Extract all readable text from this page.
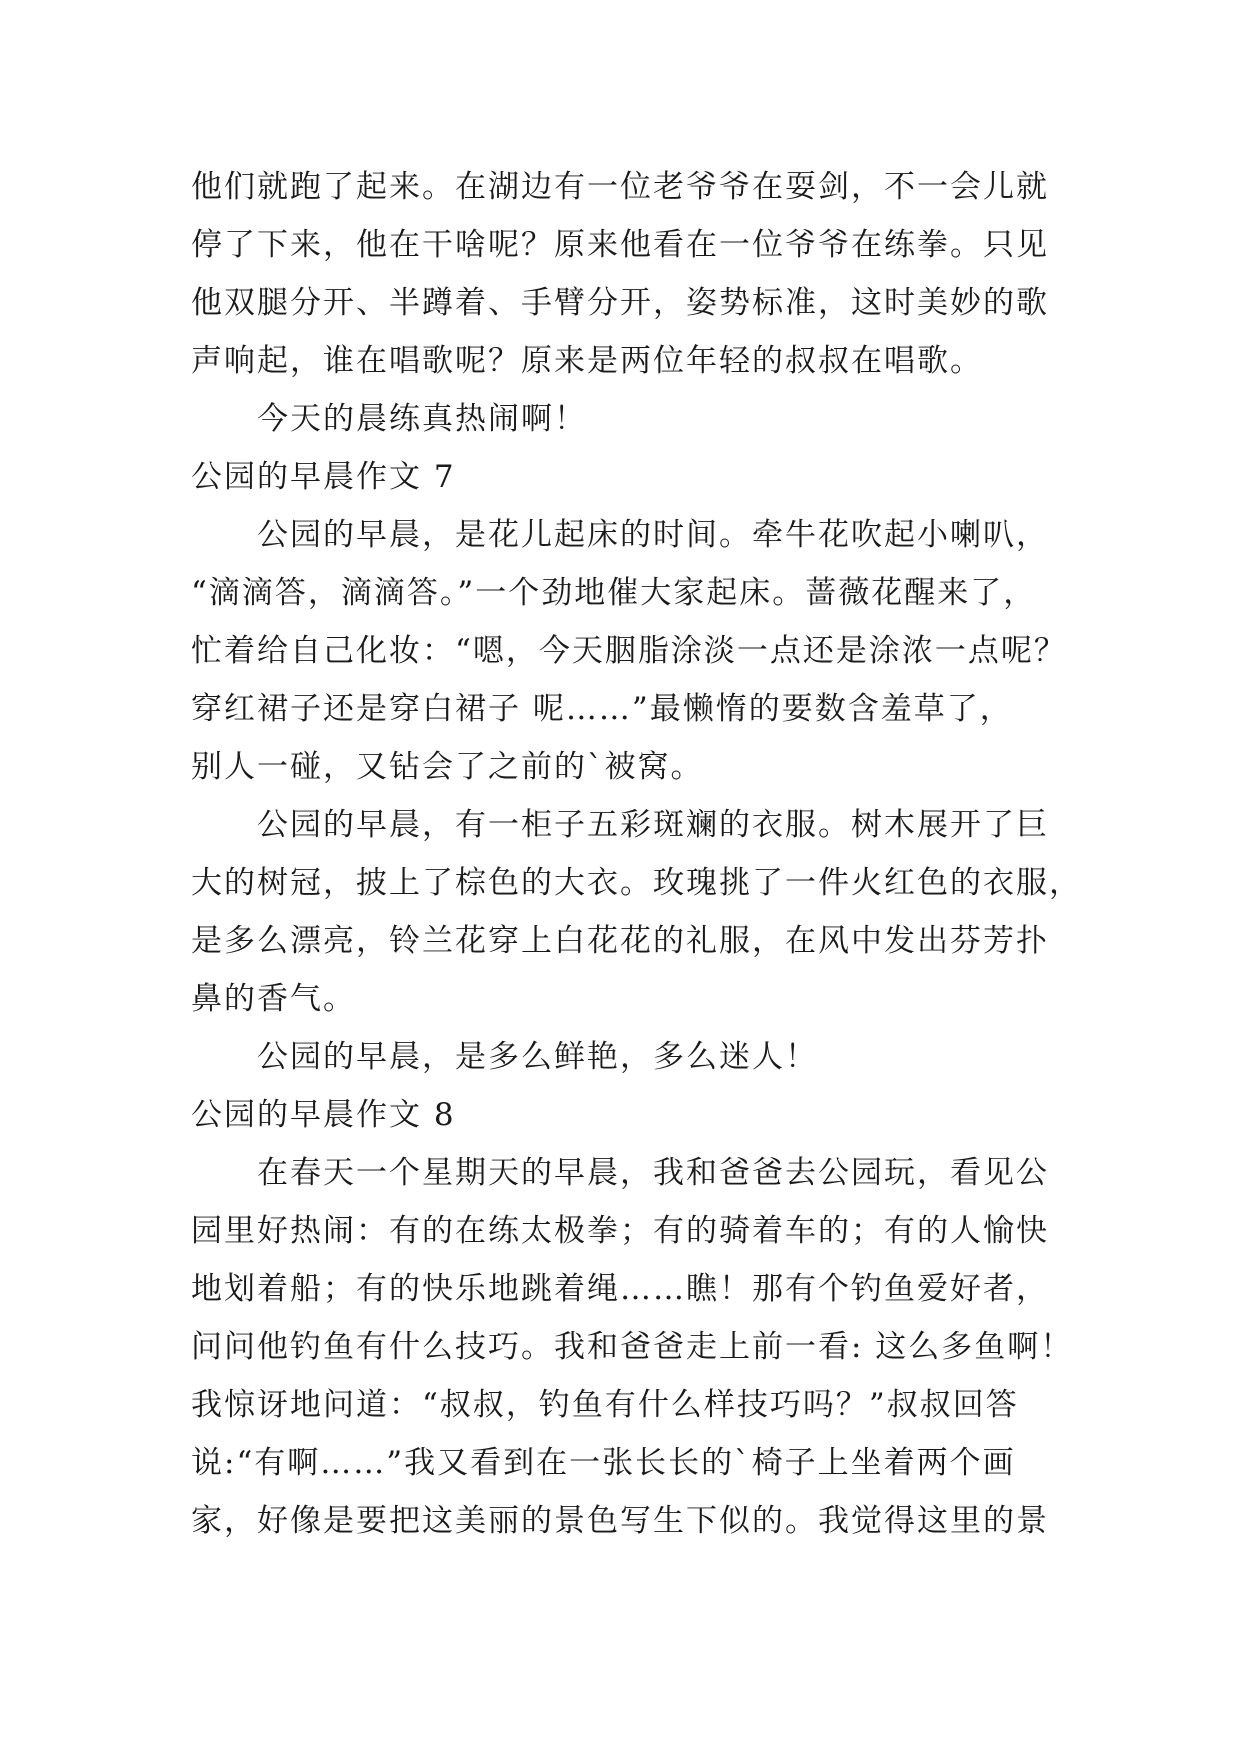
他们就跑了起来。在湖边有一位老爷爷在耍剑，不一会儿就
停了下来，他在干啥呢？原来他看在一位爷爷在练拳。只见
他双腿分开、半蹲着、手臂分开，姿势标准，这时美妙的歌
声响起，谁在唱歌呢？原来是两位年轻的叔叔在唱歌。
今天的晨练真热闹啊！
公园的早晨作文 7
公园的早晨，是花儿起床的时间。牵牛花吹起小喇叭，
“滴滴答，滴滴答。”一个劲地催大家起床。蔷薇花醒来了，
忙着给自己化妆：“嗯，今天胭脂涂淡一点还是涂浓一点呢？
穿红裙子还是穿白裙子 呢……”最懒惰的要数含羞草了，
别人一碰，又钻会了之前的`被窝。
公园的早晨，有一柜子五彩斑斓的衣服。树木展开了巨
大的树冠，披上了棕色的大衣。玫瑰挑了一件火红色的衣服，
是多么漂亮，铃兰花穿上白花花的礼服，在风中发出芬芳扑
鼻的香气。
公园的早晨，是多么鲜艳，多么迷人！
公园的早晨作文 8
在春天一个星期天的早晨，我和爸爸去公园玩，看见公
园里好热闹：有的在练太极拳；有的骑着车的；有的人愉快
地划着船；有的快乐地跳着绳……瞧！那有个钓鱼爱好者，
问问他钓鱼有什么技巧。我和爸爸走上前一看: 这么多鱼啊！
我惊讶地问道：“叔叔，钓鱼有什么样技巧吗？”叔叔回答
说:“有啊……”我又看到在一张长长的`椅子上坐着两个画
家，好像是要把这美丽的景色写生下似的。我觉得这里的景
